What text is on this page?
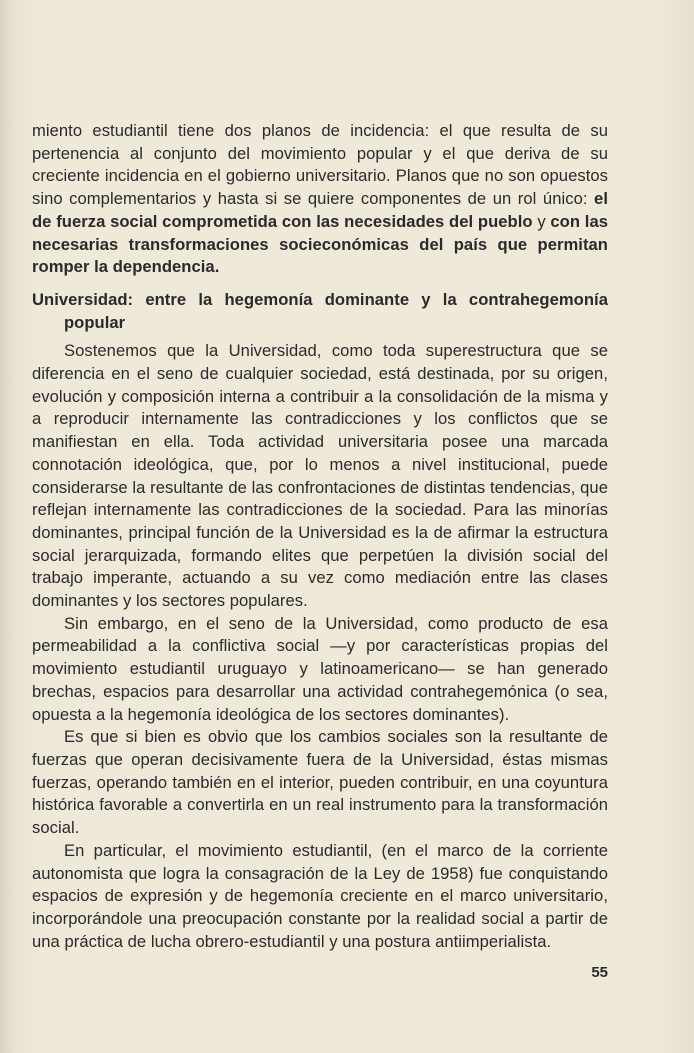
miento estudiantil tiene dos planos de incidencia: el que resulta de su pertenencia al conjunto del movimiento popular y el que deriva de su creciente incidencia en el gobierno universitario. Planos que no son opuestos sino complementarios y hasta si se quiere componentes de un rol único: el de fuerza social comprometida con las necesidades del pueblo y con las necesarias transformaciones socieconómicas del país que permitan romper la dependencia.

Universidad: entre la hegemonía dominante y la contrahegemonía popular

Sostenemos que la Universidad, como toda superestructura que se diferencia en el seno de cualquier sociedad, está destinada, por su origen, evolución y composición interna a contribuir a la consolidación de la misma y a reproducir internamente las contradicciones y los conflictos que se manifiestan en ella. Toda actividad universitaria posee una marcada connotación ideológica, que, por lo menos a nivel institucional, puede considerarse la resultante de las confrontaciones de distintas tendencias, que reflejan internamente las contradicciones de la sociedad. Para las minorías dominantes, principal función de la Universidad es la de afirmar la estructura social jerarquizada, formando elites que perpetúen la división social del trabajo imperante, actuando a su vez como mediación entre las clases dominantes y los sectores populares.

Sin embargo, en el seno de la Universidad, como producto de esa permeabilidad a la conflictiva social —y por características propias del movimiento estudiantil uruguayo y latinoamericano— se han generado brechas, espacios para desarrollar una actividad contrahegemónica (o sea, opuesta a la hegemonía ideológica de los sectores dominantes).

Es que si bien es obvio que los cambios sociales son la resultante de fuerzas que operan decisivamente fuera de la Universidad, éstas mismas fuerzas, operando también en el interior, pueden contribuir, en una coyuntura histórica favorable a convertirla en un real instrumento para la transformación social.

En particular, el movimiento estudiantil, (en el marco de la corriente autonomista que logra la consagración de la Ley de 1958) fue conquistando espacios de expresión y de hegemonía creciente en el marco universitario, incorporándole una preocupación constante por la realidad social a partir de una práctica de lucha obrero-estudiantil y una postura antiimperialista.

55
